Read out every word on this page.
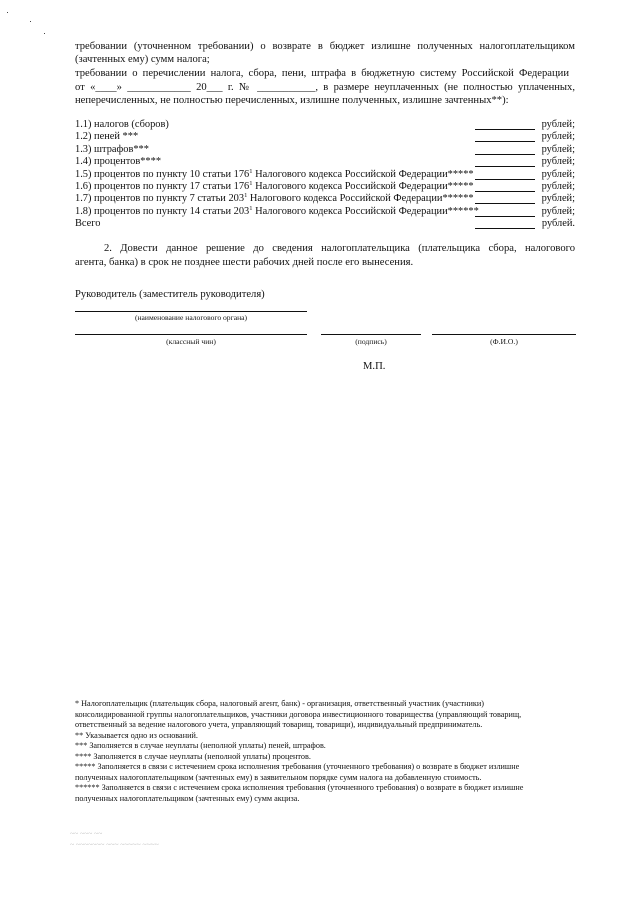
требовании (уточненном требовании) о возврате в бюджет излишне полученных налогоплательщиком
(зачтенных ему) сумм налога;
требовании о перечислении налога, сбора, пени, штрафа в бюджетную систему Российской Федерации
от «____» ____________ 20___ г. № ___________, в размере неуплаченных (не полностью уплаченных,
неперечисленных, не полностью перечисленных, излишне полученных, излишне зачтенных**):
1.1) налогов (сборов)	рублей;
1.2) пеней ***	рублей;
1.3) штрафов***	рублей;
1.4) процентов****	рублей;
1.5) процентов по пункту 10 статьи $176^1$ Налогового кодекса Российской Федерации*****	рублей;
1.6) процентов по пункту 17 статьи $176^1$ Налогового кодекса Российской Федерации*****	рублей;
1.7) процентов по пункту 7 статьи $203^1$ Налогового кодекса Российской Федерации******	рублей;
1.8) процентов по пункту 14 статьи $203^1$ Налогового кодекса Российской Федерации******	рублей;
Всего	рублей.
2. Довести данное решение до сведения налогоплательщика (плательщика сбора, налогового
агента, банка) в срок не позднее шести рабочих дней после его вынесения.
Руководитель (заместитель руководителя)
(наименование налогового органа)
(классный чин)	(подпись)	(Ф.И.О.)
М.П.
* Налогоплательщик (плательщик сбора, налоговый агент, банк) - организация, ответственный участник (участники)
консолидированной группы налогоплательщиков, участники договора инвестиционного товарищества (управляющий товарищ,
ответственный за ведение налогового учета, управляющий товарищ, товарищи), индивидуальный предприниматель.
** Указывается одно из оснований.
*** Заполняется в случае неуплаты (неполной уплаты) пеней, штрафов.
**** Заполняется в случае неуплаты (неполной уплаты) процентов.
***** Заполняется в связи с истечением срока исполнения требования (уточненного требования) о возврате в бюджет излишне
полученных налогоплательщиком (зачтенных ему) в заявительном порядке сумм налога на добавленную стоимость.
****** Заполняется в связи с истечением срока исполнения требования (уточненного требования) о возврате в бюджет излишне
полученных налогоплательщиком (зачтенных ему) сумм акциза.
~~ ~~~ ~~
~ ~~~~~~~ ~~~ ~~~~~ ~~~~
